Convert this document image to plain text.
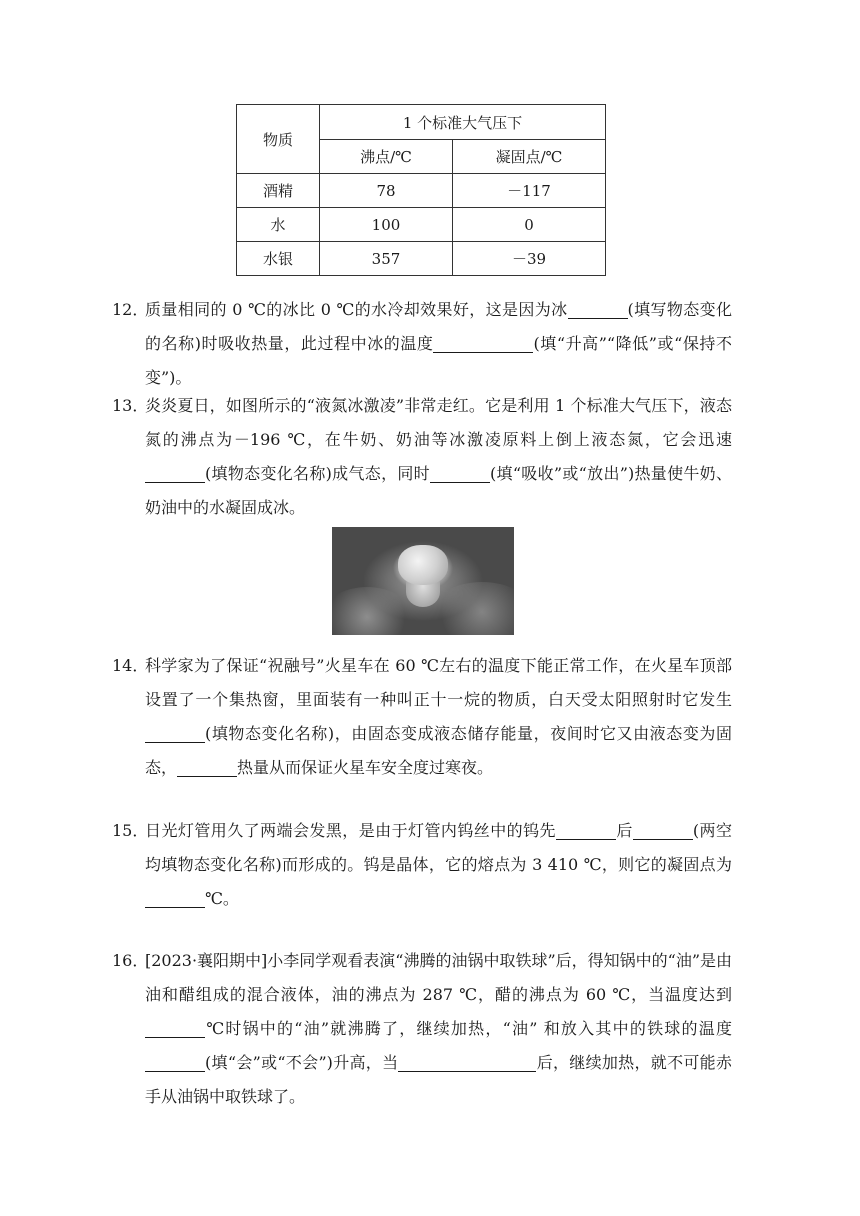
物质	1 个标准大气压下	
	沸点/℃	凝固点/℃
酒精	78	－117
水	100	0
水银	357	－39
12．
质量相同的 0 ℃的冰比 0 ℃的水冷却效果好，这是因为冰	(填写物态变化的名称)时吸收热量，此过程中冰的温度	(填“升高”“降低”或“保持不变”)。
13．
炎炎夏日，如图所示的“液氮冰激凌”非常走红。它是利用 1 个标准大气压下，液态氮的沸点为－196 ℃，在牛奶、奶油等冰激凌原料上倒上液态氮，它会迅速(填物态变化名称)成气态，同时	(填“吸收”或“放出”)热量使牛奶、奶油中的水凝固成冰。
14．
科学家为了保证“祝融号”火星车在 60 ℃左右的温度下能正常工作，在火星车顶部设置了一个集热窗，里面装有一种叫正十一烷的物质，白天受太阳照射时它发生(填物态变化名称)，由固态变成液态储存能量，夜间时它又由液态变为固态，	热量从而保证火星车安全度过寒夜。
15．
日光灯管用久了两端会发黑，是由于灯管内钨丝中的钨先	后	(两空均填物态变化名称)而形成的。钨是晶体，它的熔点为 3 410 ℃，则它的凝固点为℃。
16．
[2023·襄阳期中]小李同学观看表演“沸腾的油锅中取铁球”后，得知锅中的“油”是由油和醋组成的混合液体，油的沸点为 287 ℃，醋的沸点为 60 ℃，当温度达到℃时锅中的“油”就沸腾了，继续加热，“油” 和放入其中的铁球的温度(填“会”或“不会”)升高，当	后，继续加热，就不可能赤手从油锅中取铁球了。
